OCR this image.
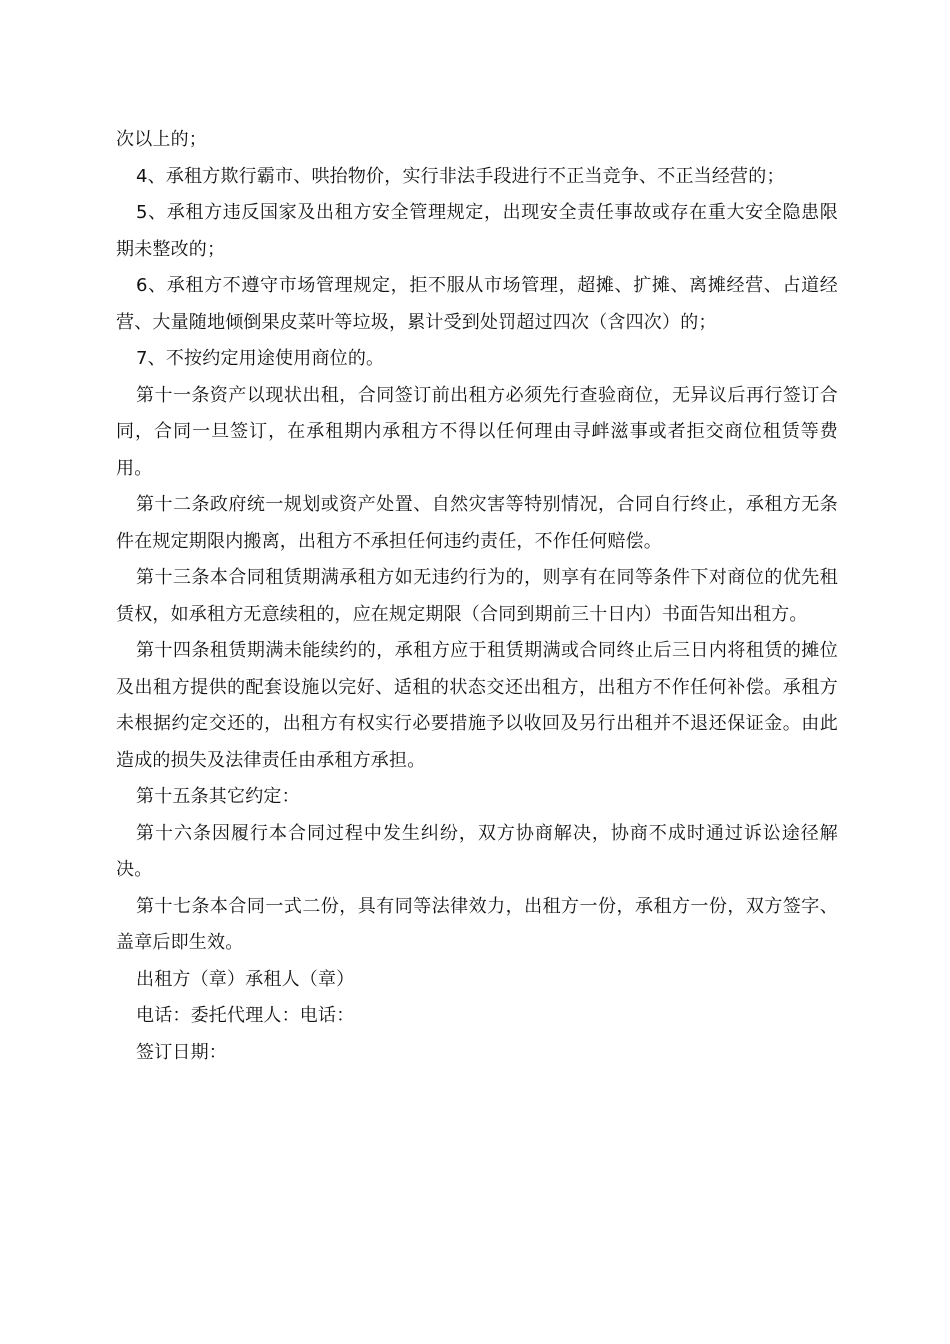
次以上的；

4、承租方欺行霸市、哄抬物价，实行非法手段进行不正当竞争、不正当经营的；

5、承租方违反国家及出租方安全管理规定，出现安全责任事故或存在重大安全隐患限期未整改的；

6、承租方不遵守市场管理规定，拒不服从市场管理，超摊、扩摊、离摊经营、占道经营、大量随地倾倒果皮菜叶等垃圾，累计受到处罚超过四次（含四次）的；

7、不按约定用途使用商位的。

第十一条资产以现状出租，合同签订前出租方必须先行查验商位，无异议后再行签订合同，合同一旦签订，在承租期内承租方不得以任何理由寻衅滋事或者拒交商位租赁等费用。

第十二条政府统一规划或资产处置、自然灾害等特别情况，合同自行终止，承租方无条件在规定期限内搬离，出租方不承担任何违约责任，不作任何赔偿。

第十三条本合同租赁期满承租方如无违约行为的，则享有在同等条件下对商位的优先租赁权，如承租方无意续租的，应在规定期限（合同到期前三十日内）书面告知出租方。

第十四条租赁期满未能续约的，承租方应于租赁期满或合同终止后三日内将租赁的摊位及出租方提供的配套设施以完好、适租的状态交还出租方，出租方不作任何补偿。承租方未根据约定交还的，出租方有权实行必要措施予以收回及另行出租并不退还保证金。由此造成的损失及法律责任由承租方承担。

第十五条其它约定：

第十六条因履行本合同过程中发生纠纷，双方协商解决，协商不成时通过诉讼途径解决。

第十七条本合同一式二份，具有同等法律效力，出租方一份，承租方一份，双方签字、盖章后即生效。

出租方（章）承租人（章）

电话：委托代理人：电话：

签订日期：
